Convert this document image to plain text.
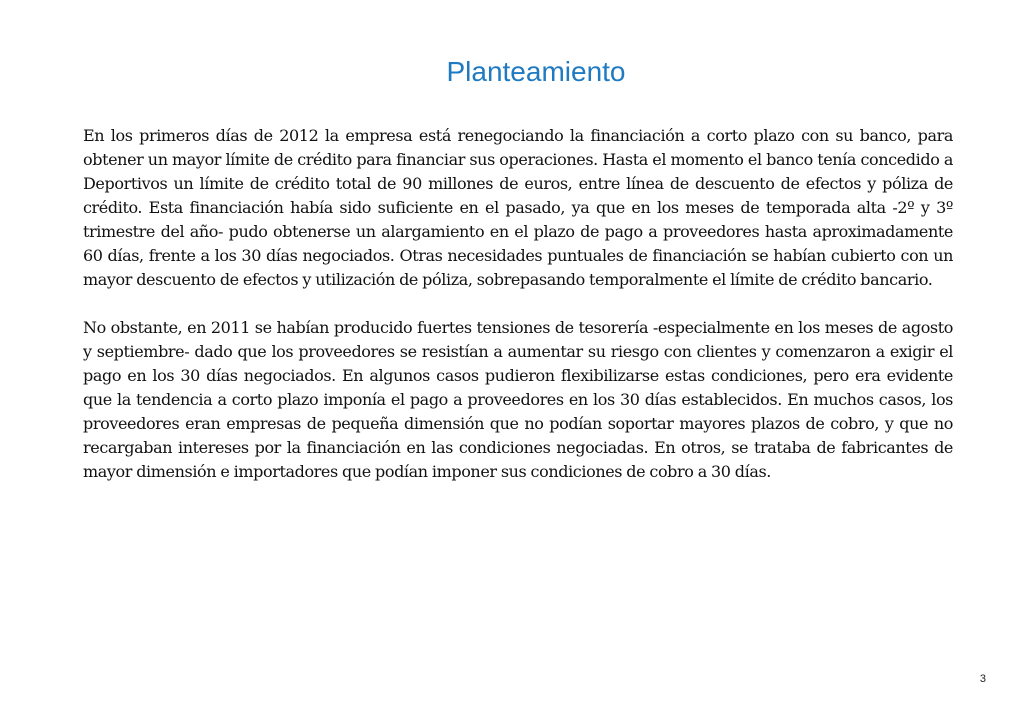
Planteamiento

En los primeros días de 2012 la empresa está renegociando la financiación a corto plazo con su banco, para obtener un mayor límite de crédito para financiar sus operaciones. Hasta el momento el banco tenía concedido a Deportivos un límite de crédito total de 90 millones de euros, entre línea de descuento de efectos y póliza de crédito. Esta financiación había sido suficiente en el pasado, ya que en los meses de temporada alta -2º y 3º trimestre del año- pudo obtenerse un alargamiento en el plazo de pago a proveedores hasta aproximadamente 60 días, frente a los 30 días negociados. Otras necesidades puntuales de financiación se habían cubierto con un mayor descuento de efectos y utilización de póliza, sobrepasando temporalmente el límite de crédito bancario.

No obstante, en 2011 se habían producido fuertes tensiones de tesorería -especialmente en los meses de agosto y septiembre- dado que los proveedores se resistían a aumentar su riesgo con clientes y comenzaron a exigir el pago en los 30 días negociados. En algunos casos pudieron flexibilizarse estas condiciones, pero era evidente que la tendencia a corto plazo imponía el pago a proveedores en los 30 días establecidos. En muchos casos, los proveedores eran empresas de pequeña dimensión que no podían soportar mayores plazos de cobro, y que no recargaban intereses por la financiación en las condiciones negociadas. En otros, se trataba de fabricantes de mayor dimensión e importadores que podían imponer sus condiciones de cobro a 30 días.

3
